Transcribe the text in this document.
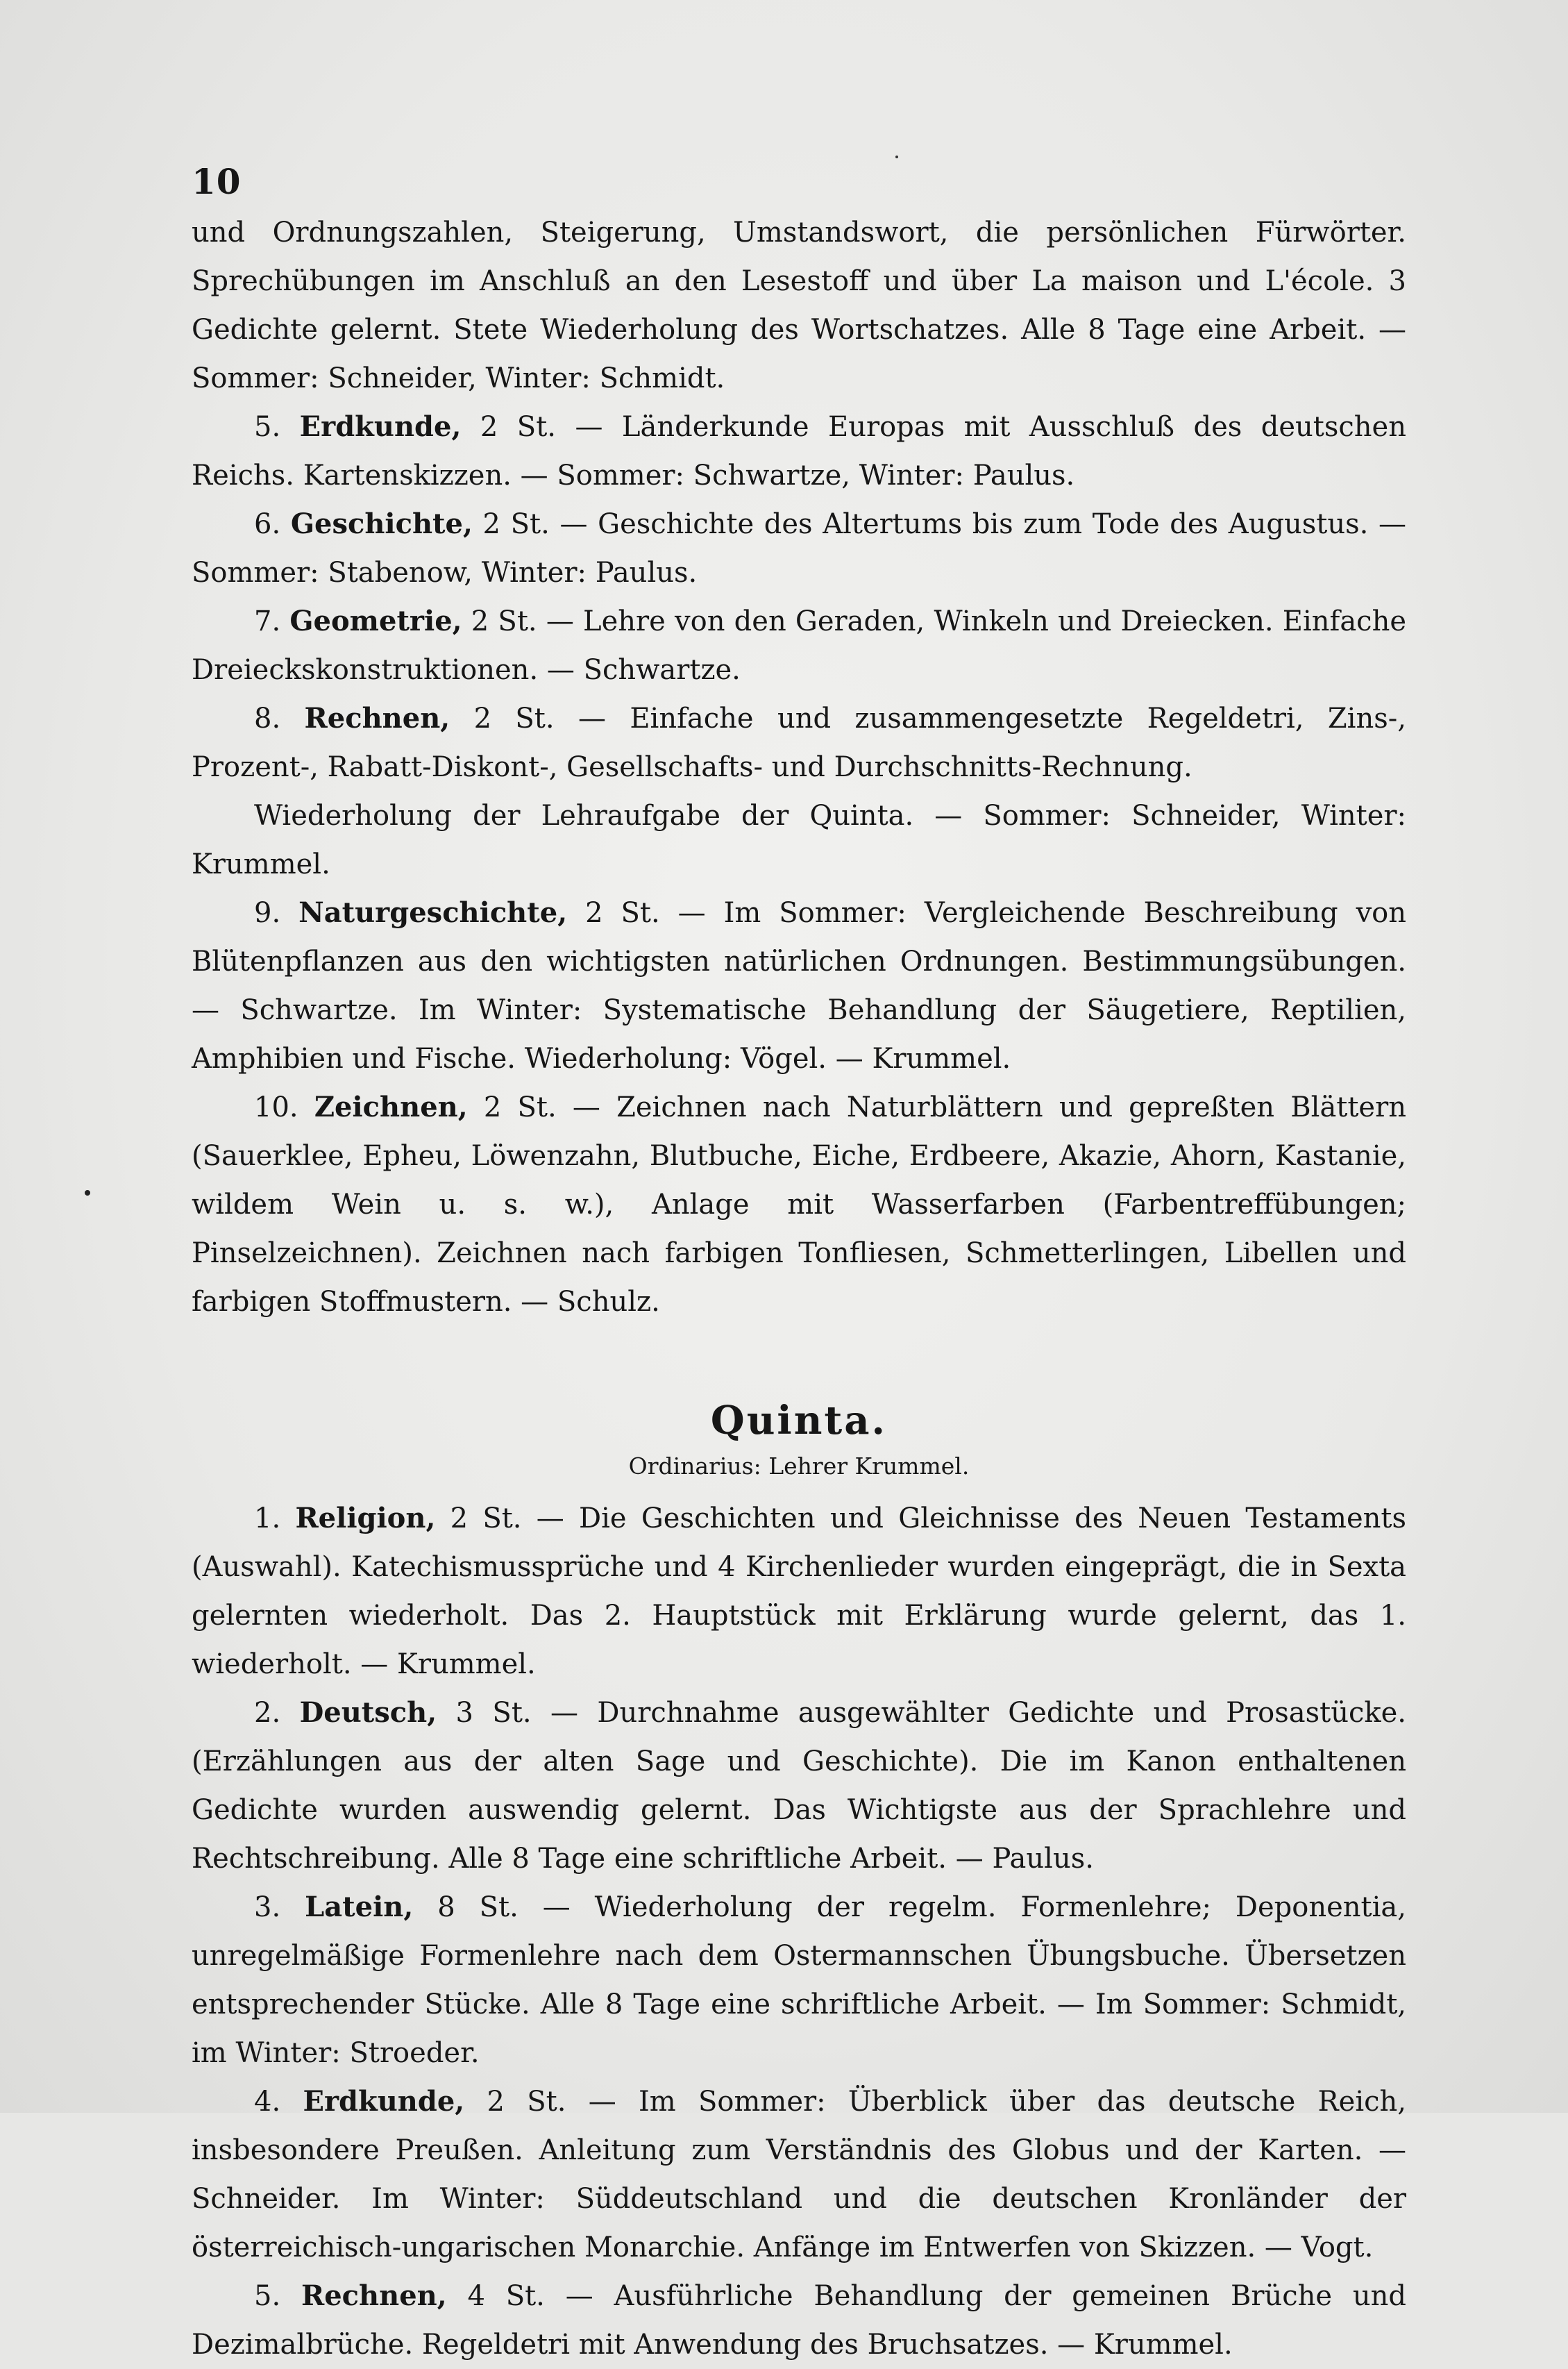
10

und Ordnungszahlen, Steigerung, Umstandswort, die persönlichen Fürwörter. Sprechübungen im Anschluß an den Lesestoff und über La maison und L'école. 3 Gedichte gelernt. Stete Wiederholung des Wortschatzes. Alle 8 Tage eine Arbeit. — Sommer: Schneider, Winter: Schmidt.

5. Erdkunde, 2 St. — Länderkunde Europas mit Ausschluß des deutschen Reichs. Kartenskizzen. — Sommer: Schwartze, Winter: Paulus.

6. Geschichte, 2 St. — Geschichte des Altertums bis zum Tode des Augustus. — Sommer: Stabenow, Winter: Paulus.

7. Geometrie, 2 St. — Lehre von den Geraden, Winkeln und Dreiecken. Einfache Dreieckskonstruktionen. — Schwartze.

8. Rechnen, 2 St. — Einfache und zusammengesetzte Regeldetri, Zins-, Prozent-, Rabatt-Diskont-, Gesellschafts- und Durchschnitts-Rechnung.

Wiederholung der Lehraufgabe der Quinta. — Sommer: Schneider, Winter: Krummel.

9. Naturgeschichte, 2 St. — Im Sommer: Vergleichende Beschreibung von Blütenpflanzen aus den wichtigsten natürlichen Ordnungen. Bestimmungsübungen. — Schwartze. Im Winter: Systematische Behandlung der Säugetiere, Reptilien, Amphibien und Fische. Wiederholung: Vögel. — Krummel.

10. Zeichnen, 2 St. — Zeichnen nach Naturblättern und gepreßten Blättern (Sauerklee, Epheu, Löwenzahn, Blutbuche, Eiche, Erdbeere, Akazie, Ahorn, Kastanie, wildem Wein u. s. w.), Anlage mit Wasserfarben (Farbentreffübungen; Pinselzeichnen). Zeichnen nach farbigen Tonfliesen, Schmetterlingen, Libellen und farbigen Stoffmustern. — Schulz.

Quinta.
Ordinarius: Lehrer Krummel.

1. Religion, 2 St. — Die Geschichten und Gleichnisse des Neuen Testaments (Auswahl). Katechismussprüche und 4 Kirchenlieder wurden eingeprägt, die in Sexta gelernten wiederholt. Das 2. Hauptstück mit Erklärung wurde gelernt, das 1. wiederholt. — Krummel.

2. Deutsch, 3 St. — Durchnahme ausgewählter Gedichte und Prosastücke. (Erzählungen aus der alten Sage und Geschichte). Die im Kanon enthaltenen Gedichte wurden auswendig gelernt. Das Wichtigste aus der Sprachlehre und Rechtschreibung. Alle 8 Tage eine schriftliche Arbeit. — Paulus.

3. Latein, 8 St. — Wiederholung der regelm. Formenlehre; Deponentia, unregelmäßige Formenlehre nach dem Ostermannschen Übungsbuche. Übersetzen entsprechender Stücke. Alle 8 Tage eine schriftliche Arbeit. — Im Sommer: Schmidt, im Winter: Stroeder.

4. Erdkunde, 2 St. — Im Sommer: Überblick über das deutsche Reich, insbesondere Preußen. Anleitung zum Verständnis des Globus und der Karten. — Schneider. Im Winter: Süddeutschland und die deutschen Kronländer der österreichisch-ungarischen Monarchie. Anfänge im Entwerfen von Skizzen. — Vogt.

5. Rechnen, 4 St. — Ausführliche Behandlung der gemeinen Brüche und Dezimalbrüche. Regeldetri mit Anwendung des Bruchsatzes. — Krummel.
